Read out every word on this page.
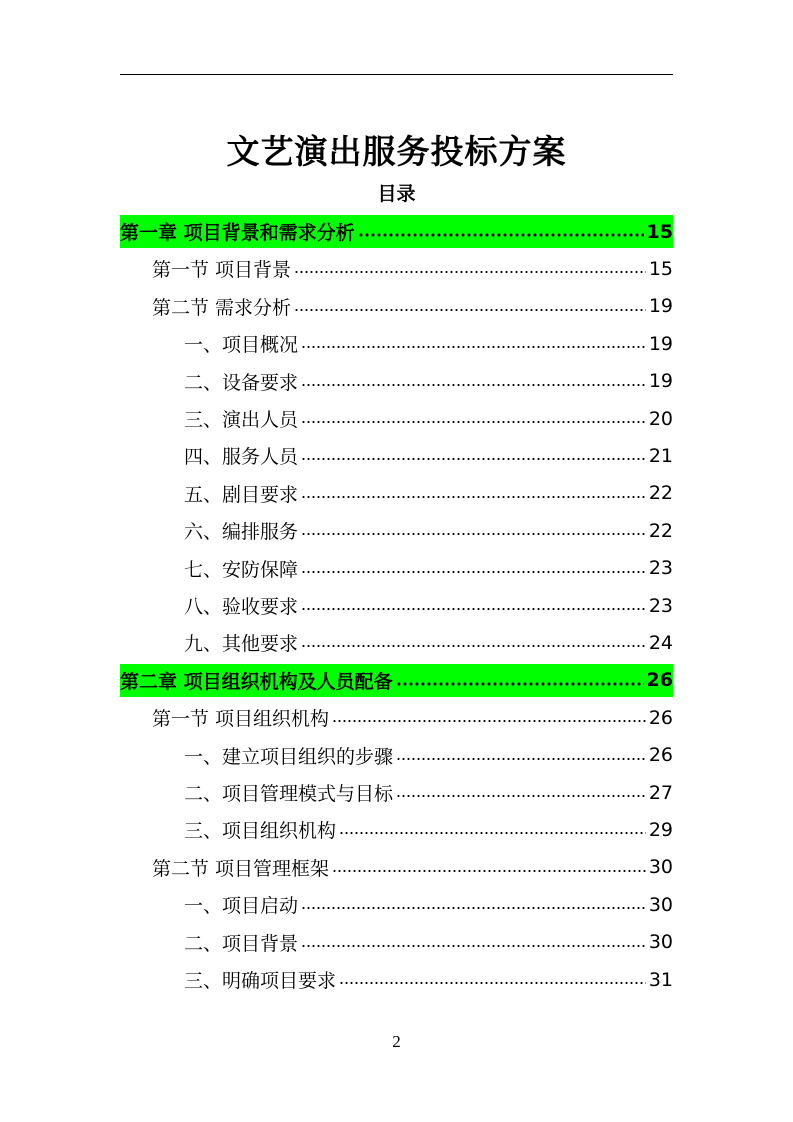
文艺演出服务投标方案
目录
第一章 项目背景和需求分析	15
第一节 项目背景	15
第二节 需求分析	19
一、项目概况	19
二、设备要求	19
三、演出人员	20
四、服务人员	21
五、剧目要求	22
六、编排服务	22
七、安防保障	23
八、验收要求	23
九、其他要求	24
第二章 项目组织机构及人员配备	26
第一节 项目组织机构	26
一、建立项目组织的步骤	26
二、项目管理模式与目标	27
三、项目组织机构	29
第二节 项目管理框架	30
一、项目启动	30
二、项目背景	30
三、明确项目要求	31
2
